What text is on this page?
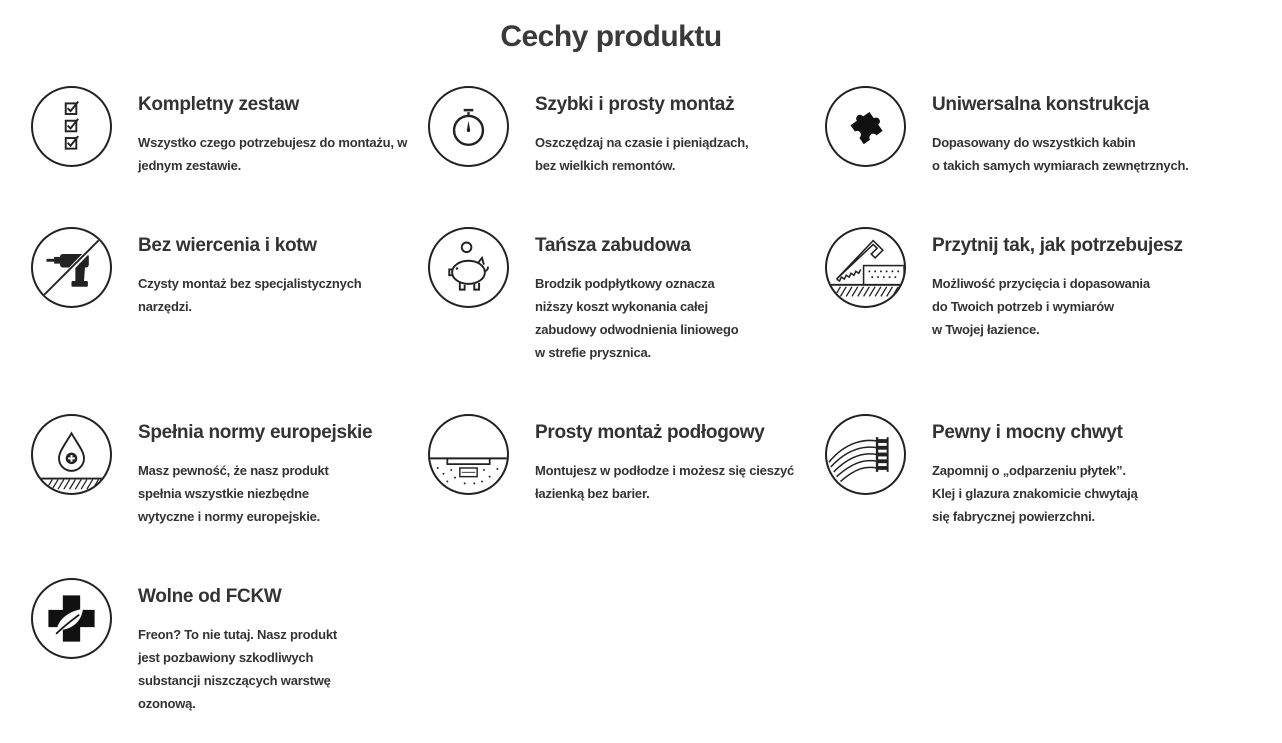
Cechy produktu
Kompletny zestaw
Wszystko czego potrzebujesz do montażu, w
jednym zestawie.
Szybki i prosty montaż
Oszczędzaj na czasie i pieniądzach,
bez wielkich remontów.
Uniwersalna konstrukcja
Dopasowany do wszystkich kabin
o takich samych wymiarach zewnętrznych.
Bez wiercenia i kotw
Czysty montaż bez specjalistycznych
narzędzi.
Tańsza zabudowa
Brodzik podpłytkowy oznacza
niższy koszt wykonania całej
zabudowy odwodnienia liniowego
w strefie prysznica.
Przytnij tak, jak potrzebujesz
Możliwość przycięcia i dopasowania
do Twoich potrzeb i wymiarów
w Twojej łazience.
Spełnia normy europejskie
Masz pewność, że nasz produkt
spełnia wszystkie niezbędne
wytyczne i normy europejskie.
Prosty montaż podłogowy
Montujesz w podłodze i możesz się cieszyć
łazienką bez barier.
Pewny i mocny chwyt
Zapomnij o „odparzeniu płytek”.
Klej i glazura znakomicie chwytają
się fabrycznej powierzchni.
Wolne od FCKW
Freon? To nie tutaj. Nasz produkt
jest pozbawiony szkodliwych
substancji niszczących warstwę
ozonową.
